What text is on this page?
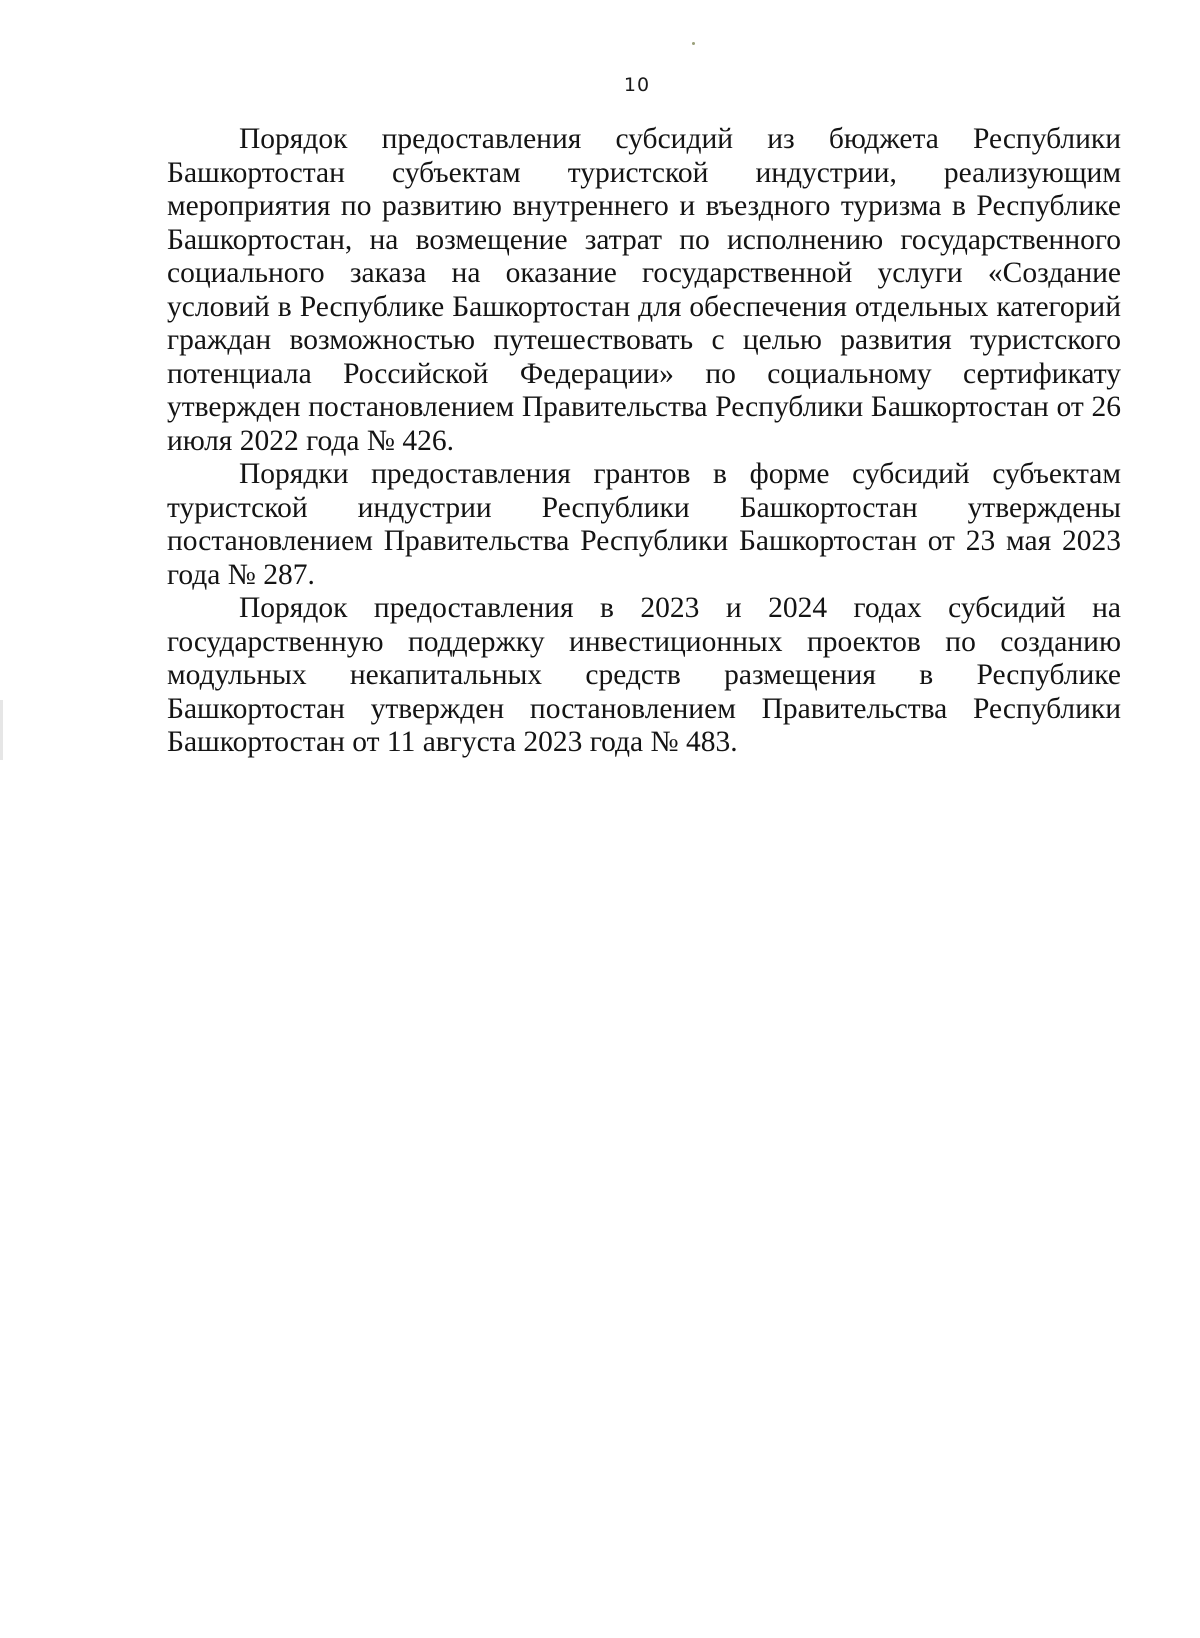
10

Порядок предоставления субсидий из бюджета Республики Башкортостан субъектам туристской индустрии, реализующим мероприятия по развитию внутреннего и въездного туризма в Республике Башкортостан, на возмещение затрат по исполнению государственного социального заказа на оказание государственной услуги «Создание условий в Республике Башкортостан для обеспечения отдельных категорий граждан возможностью путешествовать с целью развития туристского потенциала Российской Федерации» по социальному сертификату утвержден постановлением Правительства Республики Башкортостан от 26 июля 2022 года № 426.

Порядки предоставления грантов в форме субсидий субъектам туристской индустрии Республики Башкортостан утверждены постановлением Правительства Республики Башкортостан от 23 мая 2023 года № 287.

Порядок предоставления в 2023 и 2024 годах субсидий на государственную поддержку инвестиционных проектов по созданию модульных некапитальных средств размещения в Республике Башкортостан утвержден постановлением Правительства Республики Башкортостан от 11 августа 2023 года № 483.
